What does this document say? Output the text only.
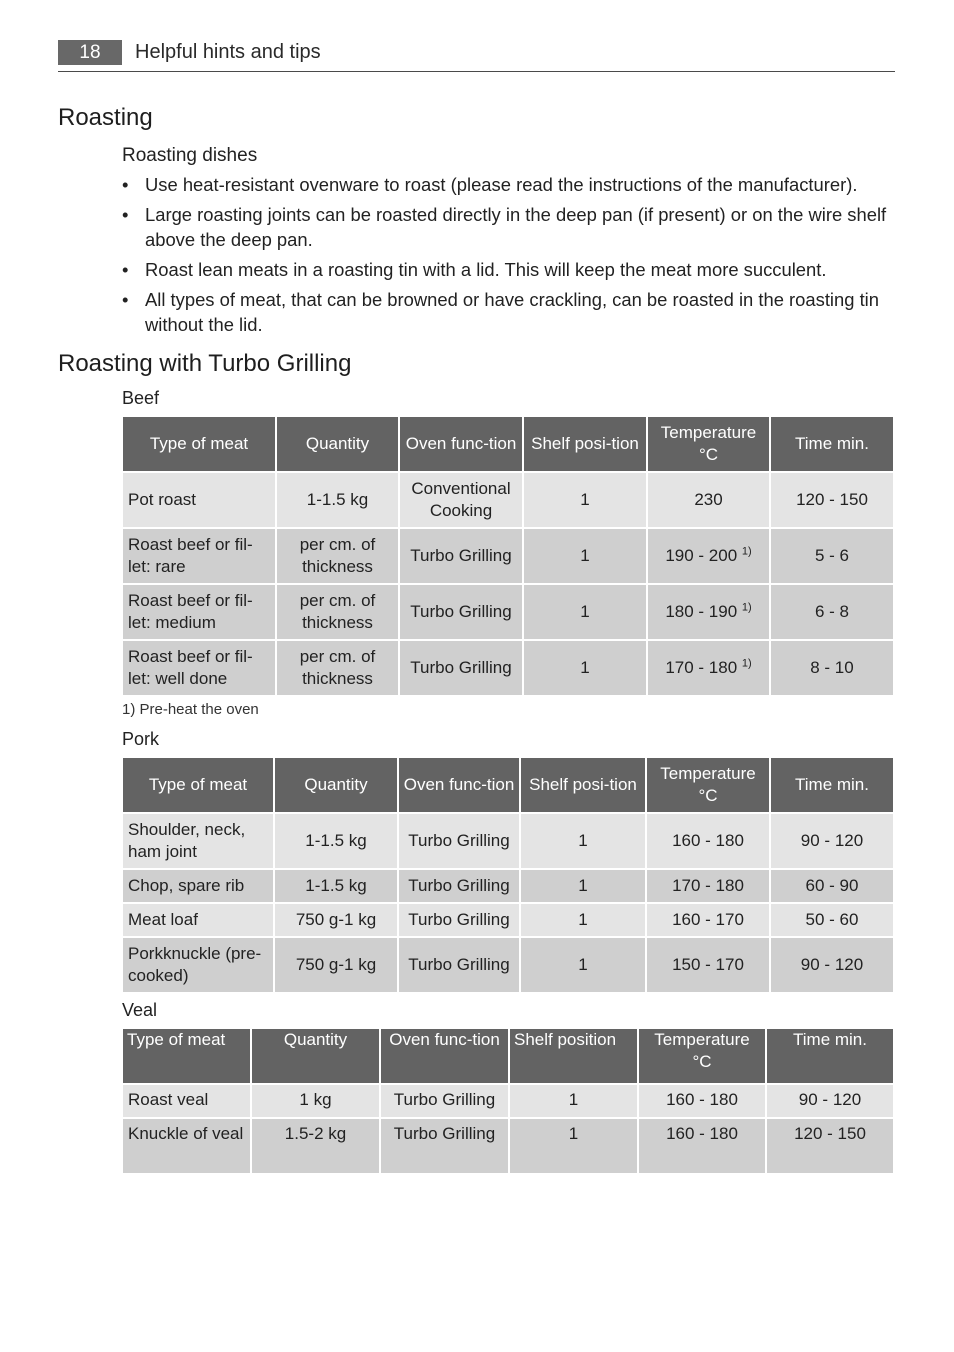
18	Helpful hints and tips
Roasting
Roasting dishes
• Use heat-resistant ovenware to roast (please read the instructions of the manufacturer).
• Large roasting joints can be roasted directly in the deep pan (if present) or on the wire shelf above the deep pan.
• Roast lean meats in a roasting tin with a lid. This will keep the meat more succulent.
• All types of meat, that can be browned or have crackling, can be roasted in the roasting tin without the lid.
Roasting with Turbo Grilling
Beef
Type of meat	Quantity	Oven func-tion	Shelf posi-tion	Temperature °C	Time min.
Pot roast	1-1.5 kg	Conventional Cooking	1	230	120 - 150
Roast beef or fil-let: rare	per cm. of thickness	Turbo Grilling	1	190 - 200 $^{1)}$	5 - 6
Roast beef or fil-let: medium	per cm. of thickness	Turbo Grilling	1	180 - 190 $^{1)}$	6 - 8
Roast beef or fil-let: well done	per cm. of thickness	Turbo Grilling	1	170 - 180 $^{1)}$	8 - 10
1) Pre-heat the oven
Pork
Type of meat	Quantity	Oven func-tion	Shelf posi-tion	Temperature °C	Time min.
Shoulder, neck, ham joint	1-1.5 kg	Turbo Grilling	1	160 - 180	90 - 120
Chop, spare rib	1-1.5 kg	Turbo Grilling	1	170 - 180	60 - 90
Meat loaf	750 g-1 kg	Turbo Grilling	1	160 - 170	50 - 60
Porkknuckle (pre-cooked)	750 g-1 kg	Turbo Grilling	1	150 - 170	90 - 120
Veal
Type of meat	Quantity	Oven func-tion	Shelf position	Temperature °C	Time min.
Roast veal	1 kg	Turbo Grilling	1	160 - 180	90 - 120
Knuckle of veal	1.5-2 kg	Turbo Grilling	1	160 - 180	120 - 150
